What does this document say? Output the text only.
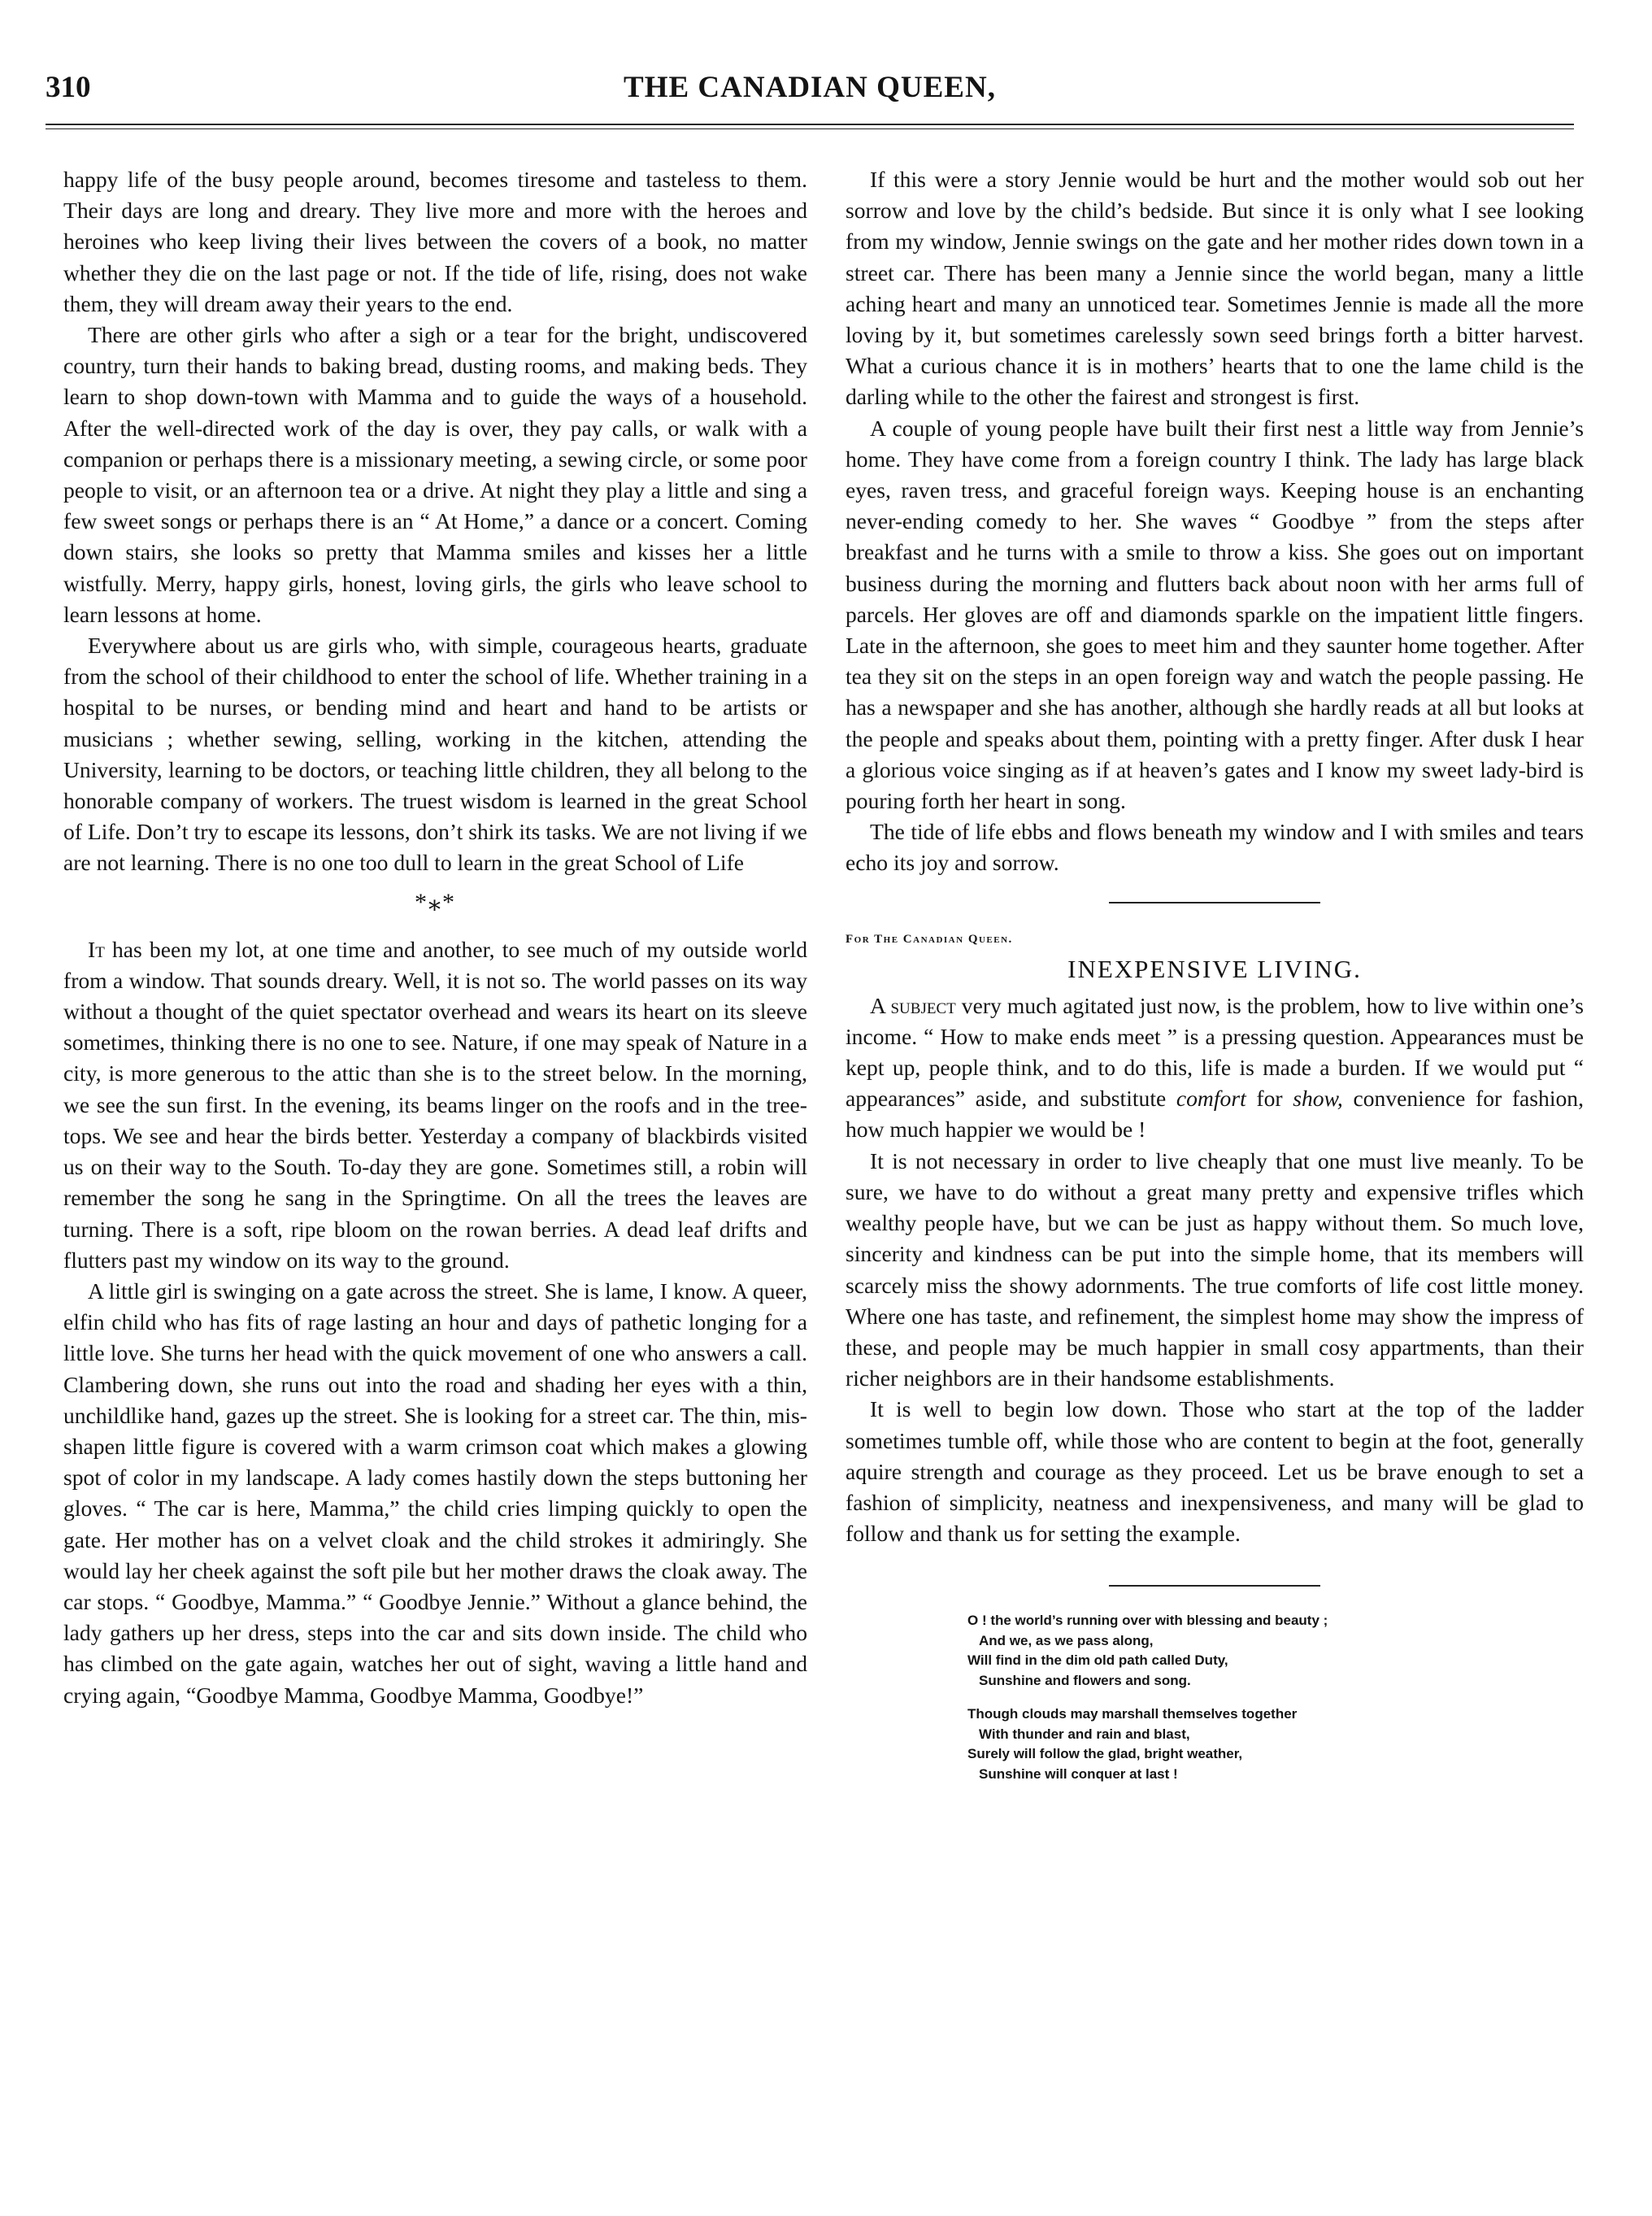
310	THE CANADIAN QUEEN,

happy life of the busy people around, becomes tiresome and tasteless to them. Their days are long and dreary. They live more and more with the heroes and heroines who keep living their lives between the covers of a book, no matter whether they die on the last page or not. If the tide of life, rising, does not wake them, they will dream away their years to the end.

There are other girls who after a sigh or a tear for the bright, undiscovered country, turn their hands to baking bread, dusting rooms, and making beds. They learn to shop down-town with Mamma and to guide the ways of a household. After the well-directed work of the day is over, they pay calls, or walk with a companion or perhaps there is a missionary meeting, a sewing circle, or some poor people to visit, or an afternoon tea or a drive. At night they play a little and sing a few sweet songs or perhaps there is an “ At Home,” a dance or a concert. Coming down stairs, she looks so pretty that Mamma smiles and kisses her a little wistfully. Merry, happy girls, honest, loving girls, the girls who leave school to learn lessons at home.

Everywhere about us are girls who, with simple, courageous hearts, graduate from the school of their childhood to enter the school of life. Whether training in a hospital to be nurses, or bending mind and heart and hand to be artists or musicians ; whether sewing, selling, working in the kitchen, attending the University, learning to be doctors, or teaching little children, they all belong to the honorable company of workers. The truest wisdom is learned in the great School of Life. Don’t try to escape its lessons, don’t shirk its tasks. We are not living if we are not learning. There is no one too dull to learn in the great School of Life

*⁎*

It has been my lot, at one time and another, to see much of my outside world from a window. That sounds dreary. Well, it is not so. The world passes on its way without a thought of the quiet spectator overhead and wears its heart on its sleeve sometimes, thinking there is no one to see. Nature, if one may speak of Nature in a city, is more generous to the attic than she is to the street below. In the morning, we see the sun first. In the evening, its beams linger on the roofs and in the tree-tops. We see and hear the birds better. Yesterday a company of blackbirds visited us on their way to the South. To-day they are gone. Sometimes still, a robin will remember the song he sang in the Springtime. On all the trees the leaves are turning. There is a soft, ripe bloom on the rowan berries. A dead leaf drifts and flutters past my window on its way to the ground.

A little girl is swinging on a gate across the street. She is lame, I know. A queer, elfin child who has fits of rage lasting an hour and days of pathetic longing for a little love. She turns her head with the quick movement of one who answers a call. Clambering down, she runs out into the road and shading her eyes with a thin, unchildlike hand, gazes up the street. She is looking for a street car. The thin, mis-shapen little figure is covered with a warm crimson coat which makes a glowing spot of color in my landscape. A lady comes hastily down the steps buttoning her gloves. “ The car is here, Mamma,” the child cries limping quickly to open the gate. Her mother has on a velvet cloak and the child strokes it admiringly. She would lay her cheek against the soft pile but her mother draws the cloak away. The car stops. “ Goodbye, Mamma.” “ Goodbye Jennie.” Without a glance behind, the lady gathers up her dress, steps into the car and sits down inside. The child who has climbed on the gate again, watches her out of sight, waving a little hand and crying again, “Goodbye Mamma, Goodbye Mamma, Goodbye!”

If this were a story Jennie would be hurt and the mother would sob out her sorrow and love by the child’s bedside. But since it is only what I see looking from my window, Jennie swings on the gate and her mother rides down town in a street car. There has been many a Jennie since the world began, many a little aching heart and many an unnoticed tear. Sometimes Jennie is made all the more loving by it, but sometimes carelessly sown seed brings forth a bitter harvest. What a curious chance it is in mothers’ hearts that to one the lame child is the darling while to the other the fairest and strongest is first.

A couple of young people have built their first nest a little way from Jennie’s home. They have come from a foreign country I think. The lady has large black eyes, raven tress, and graceful foreign ways. Keeping house is an enchanting never-ending comedy to her. She waves “ Goodbye ” from the steps after breakfast and he turns with a smile to throw a kiss. She goes out on important business during the morning and flutters back about noon with her arms full of parcels. Her gloves are off and diamonds sparkle on the impatient little fingers. Late in the afternoon, she goes to meet him and they saunter home together. After tea they sit on the steps in an open foreign way and watch the people passing. He has a newspaper and she has another, although she hardly reads at all but looks at the people and speaks about them, pointing with a pretty finger. After dusk I hear a glorious voice singing as if at heaven’s gates and I know my sweet lady-bird is pouring forth her heart in song.

The tide of life ebbs and flows beneath my window and I with smiles and tears echo its joy and sorrow.

For The Canadian Queen.
INEXPENSIVE LIVING.

A subject very much agitated just now, is the problem, how to live within one’s income. “ How to make ends meet ” is a pressing question. Appearances must be kept up, people think, and to do this, life is made a burden. If we would put “ appearances” aside, and substitute comfort for show, convenience for fashion, how much happier we would be !

It is not necessary in order to live cheaply that one must live meanly. To be sure, we have to do without a great many pretty and expensive trifles which wealthy people have, but we can be just as happy without them. So much love, sincerity and kindness can be put into the simple home, that its members will scarcely miss the showy adornments. The true comforts of life cost little money. Where one has taste, and refinement, the simplest home may show the impress of these, and people may be much happier in small cosy appartments, than their richer neighbors are in their handsome establishments.

It is well to begin low down. Those who start at the top of the ladder sometimes tumble off, while those who are content to begin at the foot, generally aquire strength and courage as they proceed. Let us be brave enough to set a fashion of simplicity, neatness and inexpensiveness, and many will be glad to follow and thank us for setting the example.

O ! the world’s running over with blessing and beauty ;
And we, as we pass along,
Will find in the dim old path called Duty,
Sunshine and flowers and song.
Though clouds may marshall themselves together
With thunder and rain and blast,
Surely will follow the glad, bright weather,
Sunshine will conquer at last !
